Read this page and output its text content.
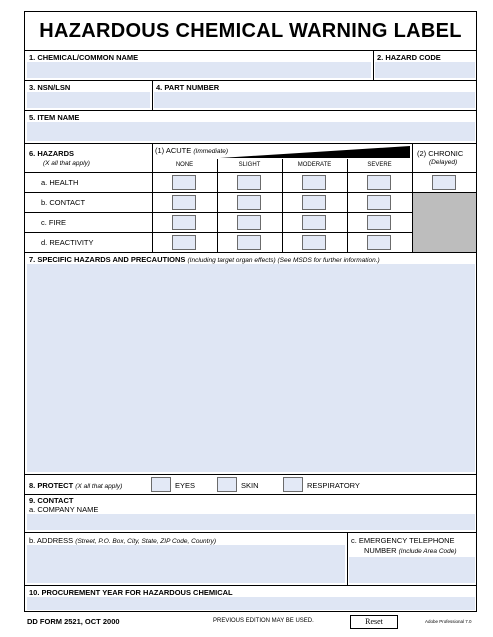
HAZARDOUS CHEMICAL WARNING LABEL
1. CHEMICAL/COMMON NAME	2. HAZARD CODE
3. NSN/LSN	4. PART NUMBER
5. ITEM NAME
6. HAZARDS
(X all that apply)
(1) ACUTE (Immediate)	(2) CHRONIC
(Delayed)
NONE	SLIGHT	MODERATE	SEVERE
a. HEALTH
b. CONTACT
c. FIRE
d. REACTIVITY
7. SPECIFIC HAZARDS AND PRECAUTIONS (Including target organ effects) (See MSDS for further information.)
8. PROTECT (X all that apply)	EYES	SKIN	RESPIRATORY
9. CONTACT
a. COMPANY NAME
b. ADDRESS (Street, P.O. Box, City, State, ZIP Code, Country)	c. EMERGENCY TELEPHONE
NUMBER (Include Area Code)
10. PROCUREMENT YEAR FOR HAZARDOUS CHEMICAL
DD FORM 2521, OCT 2000	PREVIOUS EDITION MAY BE USED.	Reset	Adobe Professional 7.0
